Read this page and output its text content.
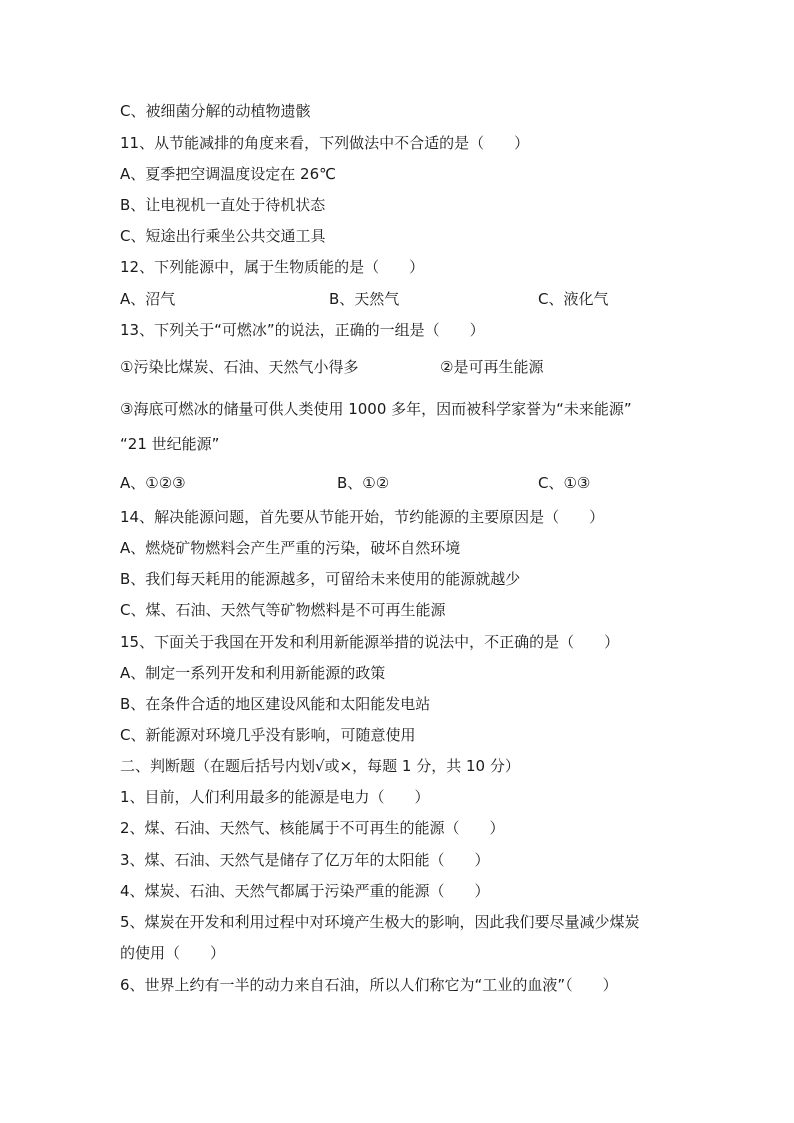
C、被细菌分解的动植物遗骸
11、从节能减排的角度来看，下列做法中不合适的是（　　）
A、夏季把空调温度设定在 26℃
B、让电视机一直处于待机状态
C、短途出行乘坐公共交通工具
12、下列能源中，属于生物质能的是（　　）
A、沼气	B、天然气	C、液化气
13、下列关于“可燃冰”的说法，正确的一组是（　　）
①污染比煤炭、石油、天然气小得多	②是可再生能源
③海底可燃冰的储量可供人类使用 1000 多年，因而被科学家誉为“未来能源”
“21 世纪能源”
A、①②③	B、①②	C、①③
14、解决能源问题，首先要从节能开始，节约能源的主要原因是（　　）
A、燃烧矿物燃料会产生严重的污染，破坏自然环境
B、我们每天耗用的能源越多，可留给未来使用的能源就越少
C、煤、石油、天然气等矿物燃料是不可再生能源
15、下面关于我国在开发和利用新能源举措的说法中，不正确的是（　　）
A、制定一系列开发和利用新能源的政策
B、在条件合适的地区建设风能和太阳能发电站
C、新能源对环境几乎没有影响，可随意使用
二、判断题（在题后括号内划√或×，每题 1 分，共 10 分）
1、目前，人们利用最多的能源是电力（　　）
2、煤、石油、天然气、核能属于不可再生的能源（　　）
3、煤、石油、天然气是储存了亿万年的太阳能（　　）
4、煤炭、石油、天然气都属于污染严重的能源（　　）
5、煤炭在开发和利用过程中对环境产生极大的影响，因此我们要尽量减少煤炭
的使用（　　）
6、世界上约有一半的动力来自石油，所以人们称它为“工业的血液”（　　）
